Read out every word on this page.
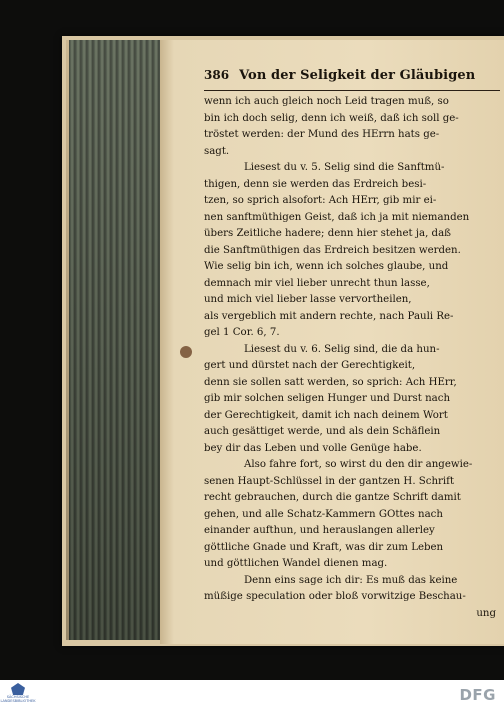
386 Von der Seligkeit der Gläubigen
wenn ich auch gleich noch Leid tragen muß, so
bin ich doch selig, denn ich weiß, daß ich soll ge-
tröstet werden: der Mund des HErrn hats ge-
sagt.
Liesest du v. 5. Selig sind die Sanftmü-
thigen, denn sie werden das Erdreich besi-
tzen, so sprich alsofort: Ach HErr, gib mir ei-
nen sanftmüthigen Geist, daß ich ja mit niemanden
übers Zeitliche hadere; denn hier stehet ja, daß
die Sanftmüthigen das Erdreich besitzen werden.
Wie selig bin ich, wenn ich solches glaube, und
demnach mir viel lieber unrecht thun lasse,
und mich viel lieber lasse vervortheilen,
als vergeblich mit andern rechte, nach Pauli Re-
gel 1 Cor. 6, 7.
Liesest du v. 6. Selig sind, die da hun-
gert und dürstet nach der Gerechtigkeit,
denn sie sollen satt werden, so sprich: Ach HErr,
gib mir solchen seligen Hunger und Durst nach
der Gerechtigkeit, damit ich nach deinem Wort
auch gesättiget werde, und als dein Schäflein
bey dir das Leben und volle Genüge habe.
Also fahre fort, so wirst du den dir angewie-
senen Haupt-Schlüssel in der gantzen H. Schrift
recht gebrauchen, durch die gantze Schrift damit
gehen, und alle Schatz-Kammern GOttes nach
einander aufthun, und herauslangen allerley
göttliche Gnade und Kraft, was dir zum Leben
und göttlichen Wandel dienen mag.
Denn eins sage ich dir: Es muß das keine
müßige speculation oder bloß vorwitzige Beschau-
ung
SÄCHSISCHE LANDESBIBLIOTHEK	DFG
